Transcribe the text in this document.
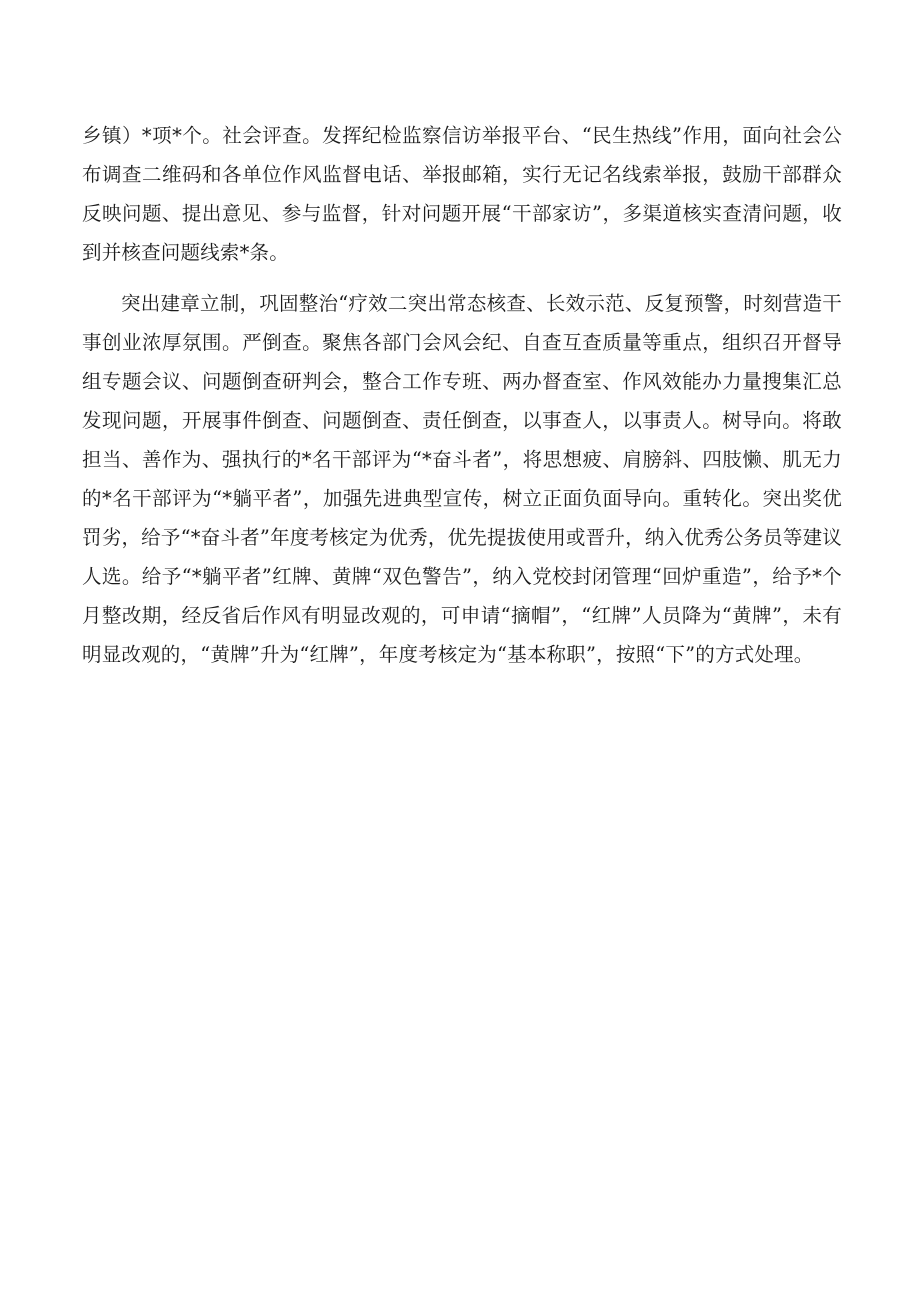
乡镇）*项*个。社会评查。发挥纪检监察信访举报平台、“民生热线”作用，面向社会公布调查二维码和各单位作风监督电话、举报邮箱，实行无记名线索举报，鼓励干部群众反映问题、提出意见、参与监督，针对问题开展“干部家访”，多渠道核实查清问题，收到并核查问题线索*条。

突出建章立制，巩固整治“疗效二突出常态核查、长效示范、反复预警，时刻营造干事创业浓厚氛围。严倒查。聚焦各部门会风会纪、自查互查质量等重点，组织召开督导组专题会议、问题倒查研判会，整合工作专班、两办督查室、作风效能办力量搜集汇总发现问题，开展事件倒查、问题倒查、责任倒查，以事查人，以事责人。树导向。将敢担当、善作为、强执行的*名干部评为“*奋斗者”，将思想疲、肩膀斜、四肢懒、肌无力的*名干部评为“*躺平者”，加强先进典型宣传，树立正面负面导向。重转化。突出奖优罚劣，给予“*奋斗者”年度考核定为优秀，优先提拔使用或晋升，纳入优秀公务员等建议人选。给予“*躺平者”红牌、黄牌“双色警告”，纳入党校封闭管理“回炉重造”，给予*个月整改期，经反省后作风有明显改观的，可申请“摘帽”，“红牌”人员降为“黄牌”，未有明显改观的，“黄牌”升为“红牌”，年度考核定为“基本称职”，按照“下”的方式处理。
